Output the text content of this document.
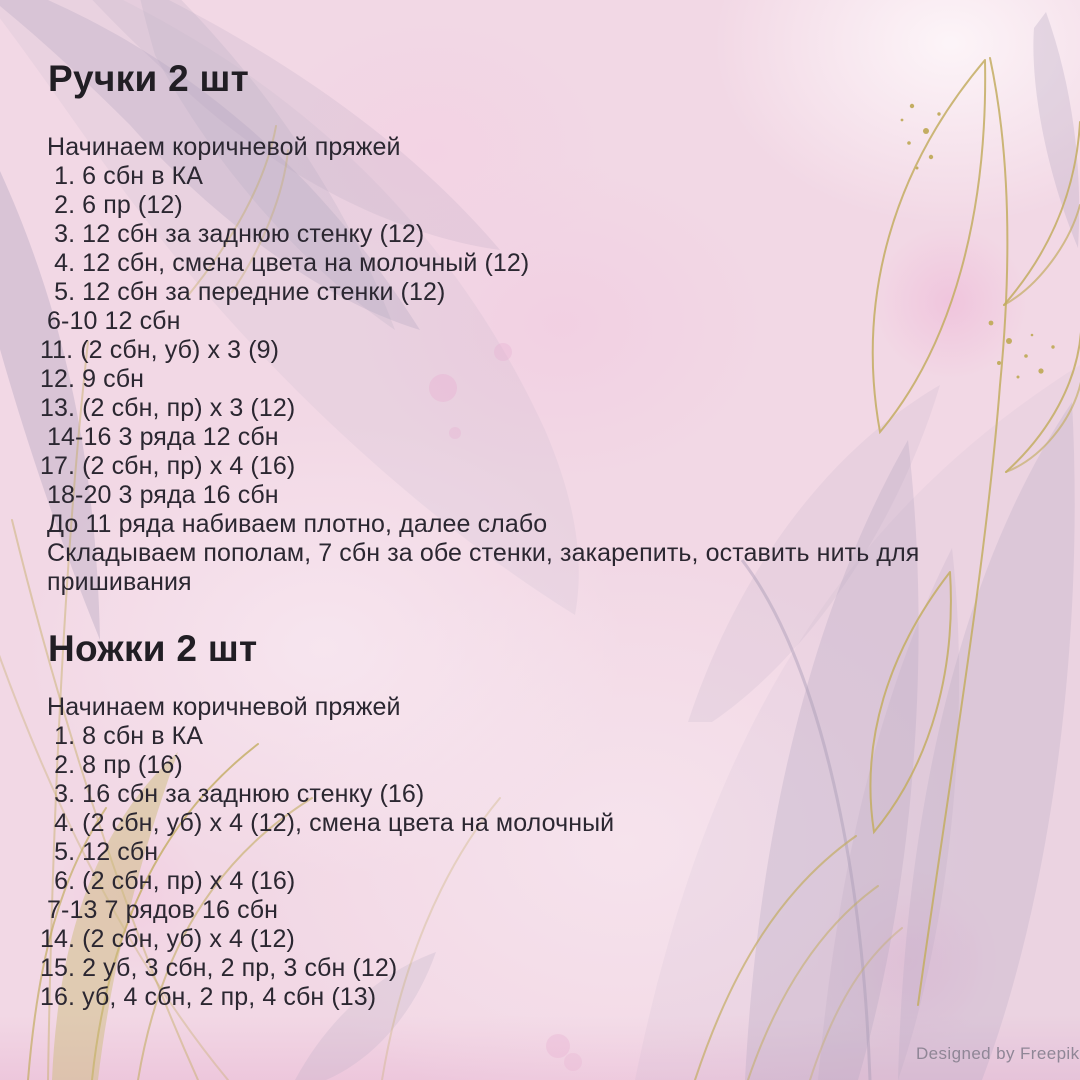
Ручки 2 шт
Начинаем коричневой пряжей
1. 6 сбн в КА
2. 6 пр (12)
3. 12 сбн за заднюю стенку (12)
4. 12 сбн, смена цвета на молочный (12)
5. 12 сбн за передние стенки (12)
6-10 12 сбн
11. (2 сбн, уб) х 3 (9)
12. 9 сбн
13. (2 сбн, пр) х 3 (12)
14-16 3 ряда 12 сбн
17. (2 сбн, пр) х 4 (16)
18-20 3 ряда 16 сбн
До 11 ряда набиваем плотно, далее слабо
Складываем пополам, 7 сбн за обе стенки, закарепить, оставить нить для
пришивания
Ножки 2 шт
Начинаем коричневой пряжей
1. 8 сбн в КА
2. 8 пр (16)
3. 16 сбн за заднюю стенку (16)
4. (2 сбн, уб) х 4 (12), смена цвета на молочный
5. 12 сбн
6. (2 сбн, пр) х 4 (16)
7-13 7 рядов 16 сбн
14. (2 сбн, уб) х 4 (12)
15. 2 уб, 3 сбн, 2 пр, 3 сбн (12)
16. уб, 4 сбн, 2 пр, 4 сбн (13)
Designed by Freepik
